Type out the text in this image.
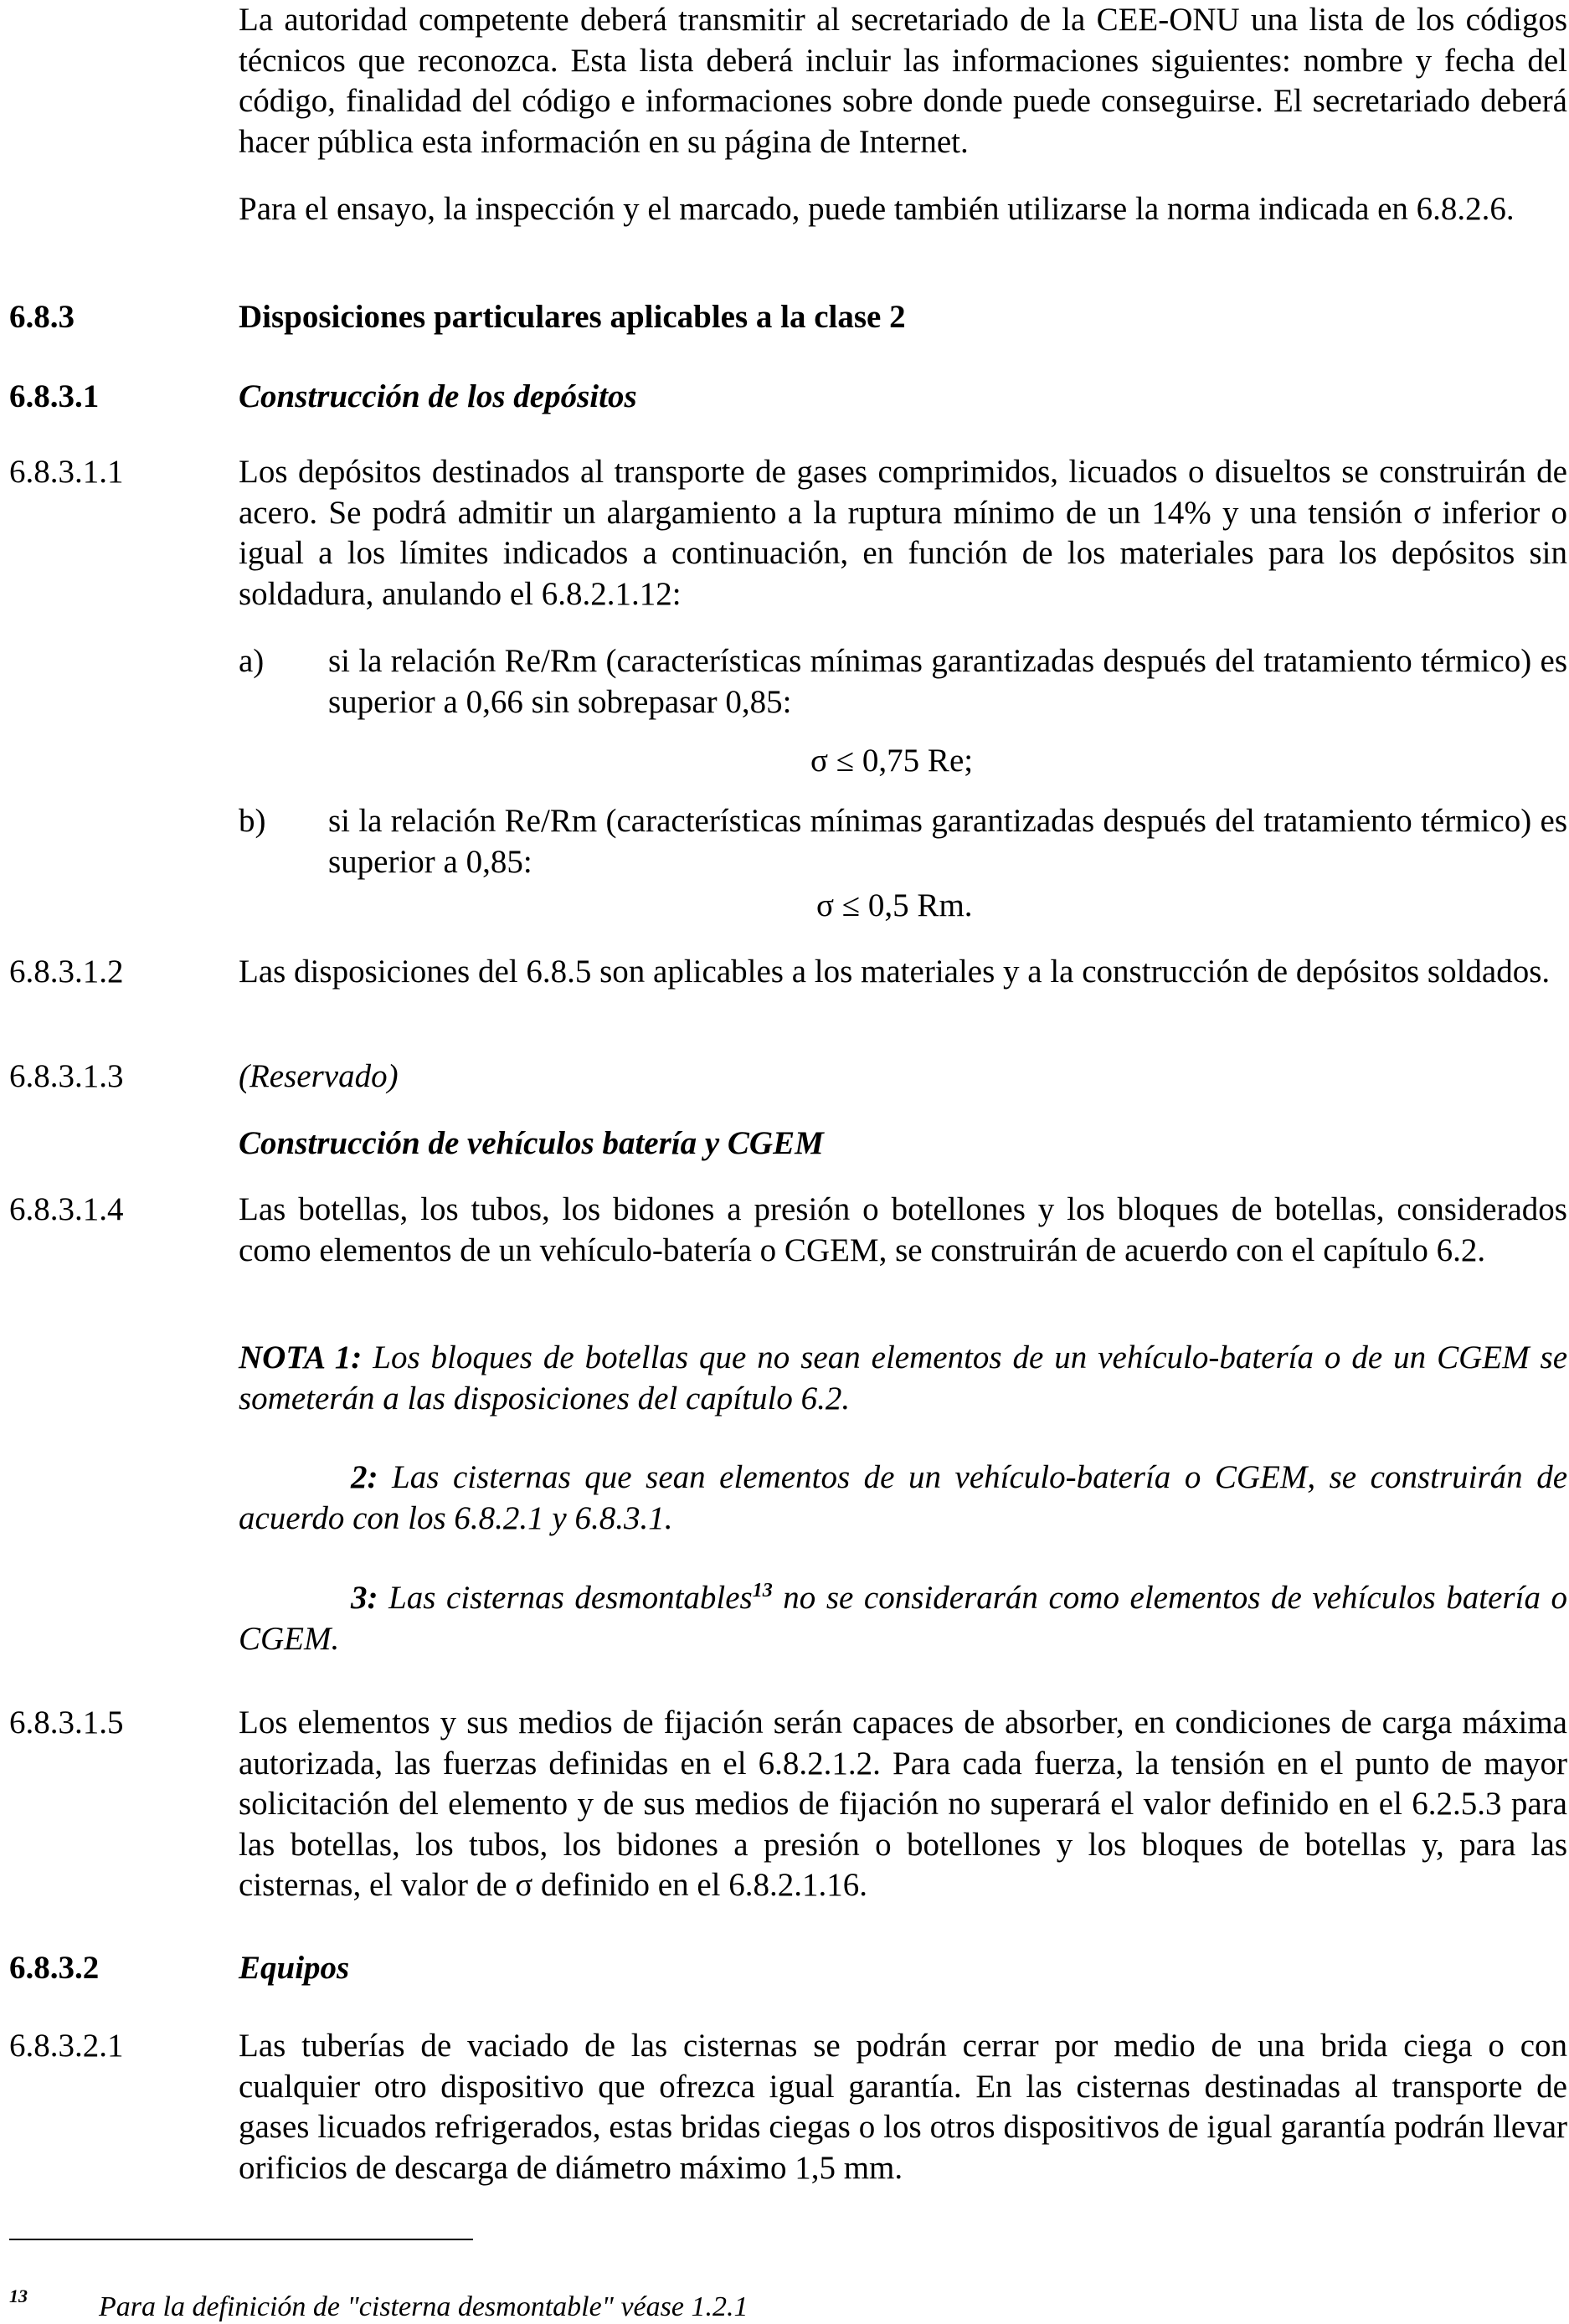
La autoridad competente deberá transmitir al secretariado de la CEE-ONU una lista de los códigos técnicos que reconozca. Esta lista deberá incluir las informaciones siguientes: nombre y fecha del código, finalidad del código e informaciones sobre donde puede conseguirse. El secretariado deberá hacer pública esta información en su página de Internet.

Para el ensayo, la inspección y el marcado, puede también utilizarse la norma indicada en 6.8.2.6.

6.8.3	Disposiciones particulares aplicables a la clase 2

6.8.3.1	Construcción de los depósitos

6.8.3.1.1	Los depósitos destinados al transporte de gases comprimidos, licuados o disueltos se construirán de acero. Se podrá admitir un alargamiento a la ruptura mínimo de un 14% y una tensión σ inferior o igual a los límites indicados a continuación, en función de los materiales para los depósitos sin soldadura, anulando el 6.8.2.1.12:

a) si la relación Re/Rm (características mínimas garantizadas después del tratamiento térmico) es superior a 0,66 sin sobrepasar 0,85:

σ ≤ 0,75 Re;

b) si la relación Re/Rm (características mínimas garantizadas después del tratamiento térmico) es superior a 0,85:

σ ≤ 0,5 Rm.

6.8.3.1.2	Las disposiciones del 6.8.5 son aplicables a los materiales y a la construcción de depósitos soldados.

6.8.3.1.3	(Reservado)

Construcción de vehículos batería y CGEM

6.8.3.1.4	Las botellas, los tubos, los bidones a presión o botellones y los bloques de botellas, considerados como elementos de un vehículo-batería o CGEM, se construirán de acuerdo con el capítulo 6.2.

NOTA 1: Los bloques de botellas que no sean elementos de un vehículo-batería o de un CGEM se someterán a las disposiciones del capítulo 6.2.

2: Las cisternas que sean elementos de un vehículo-batería o CGEM, se construirán de acuerdo con los 6.8.2.1 y 6.8.3.1.

3: Las cisternas desmontables$^{13}$ no se considerarán como elementos de vehículos batería o CGEM.

6.8.3.1.5	Los elementos y sus medios de fijación serán capaces de absorber, en condiciones de carga máxima autorizada, las fuerzas definidas en el 6.8.2.1.2. Para cada fuerza, la tensión en el punto de mayor solicitación del elemento y de sus medios de fijación no superará el valor definido en el 6.2.5.3 para las botellas, los tubos, los bidones a presión o botellones y los bloques de botellas y, para las cisternas, el valor de σ definido en el 6.8.2.1.16.

6.8.3.2	Equipos

6.8.3.2.1	Las tuberías de vaciado de las cisternas se podrán cerrar por medio de una brida ciega o con cualquier otro dispositivo que ofrezca igual garantía. En las cisternas destinadas al transporte de gases licuados refrigerados, estas bridas ciegas o los otros dispositivos de igual garantía podrán llevar orificios de descarga de diámetro máximo 1,5 mm.

13	Para la definición de "cisterna desmontable" véase 1.2.1
